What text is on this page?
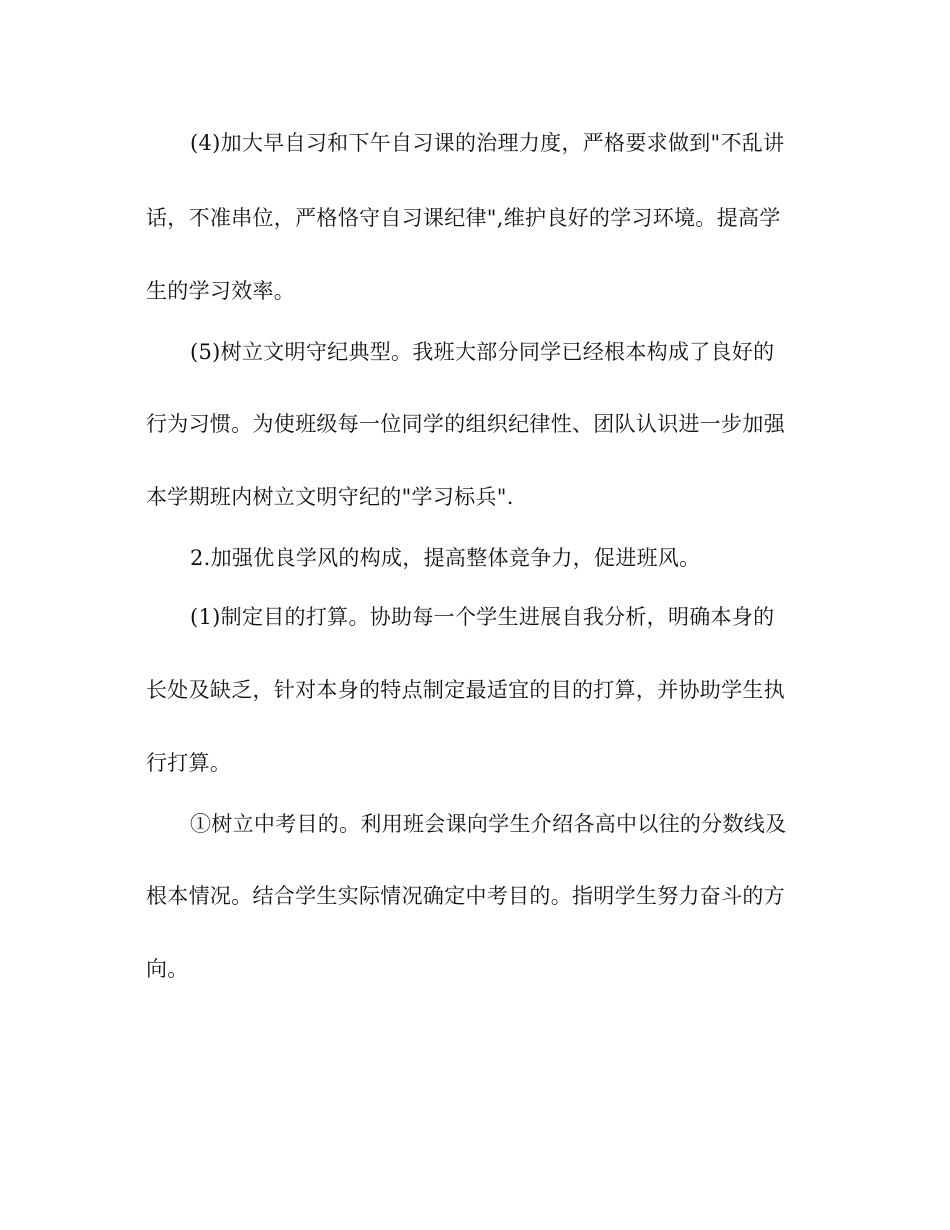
(4)加大早自习和下午自习课的治理力度，严格要求做到"不乱讲
话，不准串位，严格恪守自习课纪律",维护良好的学习环境。提高学
生的学习效率。
(5)树立文明守纪典型。我班大部分同学已经根本构成了良好的
行为习惯。为使班级每一位同学的组织纪律性、团队认识进一步加强
本学期班内树立文明守纪的"学习标兵".
2.加强优良学风的构成，提高整体竞争力，促进班风。
(1)制定目的打算。协助每一个学生进展自我分析，明确本身的
长处及缺乏，针对本身的特点制定最适宜的目的打算，并协助学生执
行打算。
①树立中考目的。利用班会课向学生介绍各高中以往的分数线及
根本情况。结合学生实际情况确定中考目的。指明学生努力奋斗的方
向。
